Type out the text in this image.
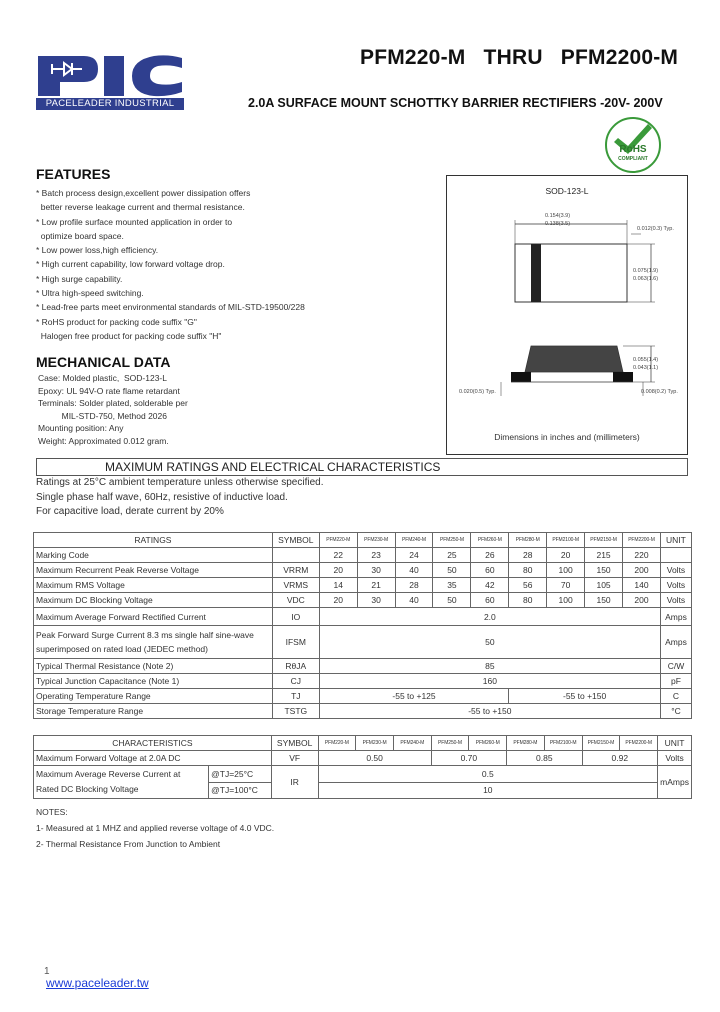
PACELEADER INDUSTRIAL
PFM220-M   THRU   PFM2200-M
2.0A SURFACE MOUNT SCHOTTKY BARRIER RECTIFIERS -20V- 200V
RoHS
COMPLIANT
FEATURES
* Batch process design,excellent power dissipation offers
better reverse leakage current and thermal resistance.
* Low profile surface mounted application in order to
optimize board space.
* Low power loss,high efficiency.
* High current capability, low forward voltage drop.
* High surge capability.
* Ultra high-speed switching.
* Lead-free parts meet environmental standards of MIL-STD-19500/228
* RoHS product for packing code suffix "G"
Halogen free product for packing code suffix "H"
MECHANICAL DATA
Case: Molded plastic,  SOD-123-L
Epoxy: UL 94V-O rate flame retardant
Terminals: Solder plated, solderable per
MIL-STD-750, Method 2026
Mounting position: Any
Weight: Approximated 0.012 gram.
SOD-123-L
0.154(3.9)
0.138(3.5)
0.012(0.3) Typ.
0.075(1.9)
0.063(1.6)
0.055(1.4)
0.043(1.1)
0.020(0.5) Typ.	0.008(0.2) Typ.
Dimensions in inches and (millimeters)
MAXIMUM RATINGS AND ELECTRICAL CHARACTERISTICS
Ratings at 25°C ambient temperature unless otherwise specified.
Single phase half wave, 60Hz, resistive of inductive load.
For capacitive load, derate current by 20%
RATINGS	SYMBOL	PFM220-M	PFM230-M	PFM240-M	PFM250-M	PFM260-M	PFM280-M	PFM2100-M	PFM2150-M	PFM2200-M	UNIT
Marking Code		22	23	24	25	26	28	20	215	220	
Maximum Recurrent Peak Reverse Voltage	VRRM	20	30	40	50	60	80	100	150	200	Volts
Maximum RMS Voltage	VRMS	14	21	28	35	42	56	70	105	140	Volts
Maximum DC Blocking Voltage	VDC	20	30	40	50	60	80	100	150	200	Volts
Maximum Average Forward Rectified Current	IO	2.0									Amps

Peak Forward Surge Current 8.3 ms single half sine-wave
superimposed on rated load (JEDEC method)	IFSM	50									Amps
Typical Thermal Resistance (Note 2)	RθJA	85									C/W
Typical Junction Capacitance (Note 1)	CJ	160									pF
Operating Temperature Range	TJ	-55 to +125					-55 to +150				C
Storage Temperature Range	TSTG	-55 to +150									°C
CHARACTERISTICS		SYMBOL	PFM220-M	PFM230-M	PFM240-M	PFM250-M	PFM260-M	PFM280-M	PFM2100-M	PFM2150-M	PFM2200-M	UNIT
Maximum Forward Voltage at 2.0A DC		VF	0.50			0.70		0.85		0.92		Volts

Maximum Average Reverse Current at
Rated DC Blocking Voltage	@TJ=25°C	IR	0.5									mAmps
	@TJ=100°C		10									
NOTES:
1- Measured at 1 MHZ and applied reverse voltage of 4.0 VDC.
2- Thermal Resistance From Junction to Ambient
1
www.paceleader.tw
